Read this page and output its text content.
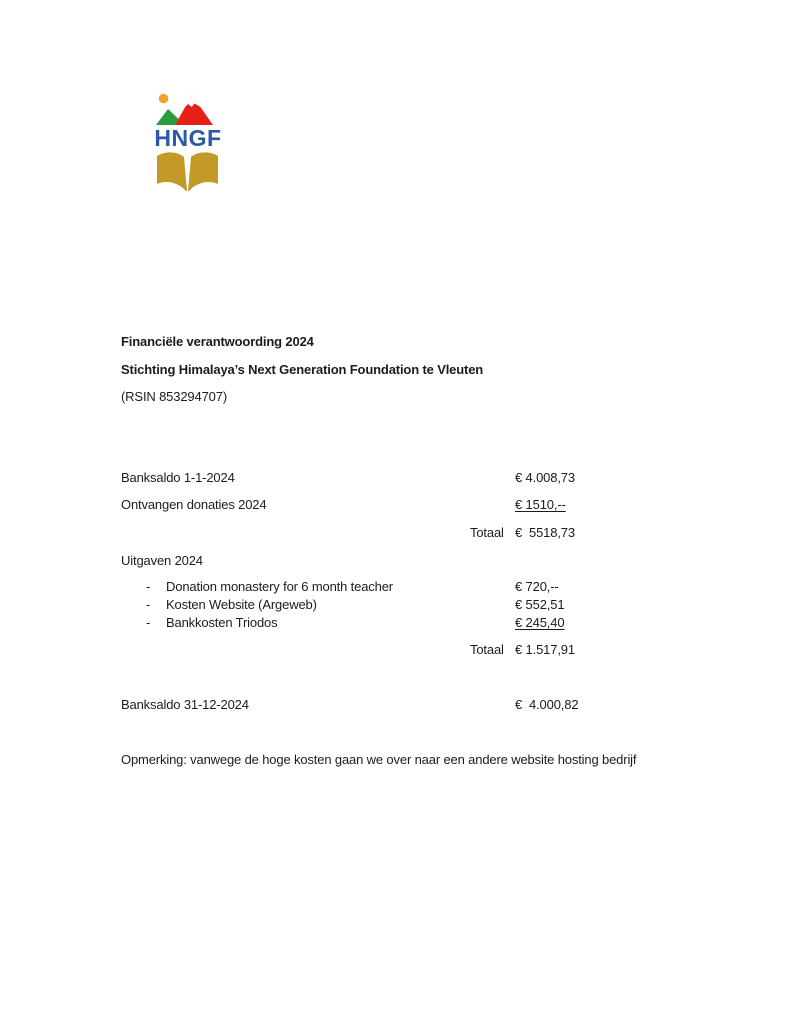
HNGF
Financiële verantwoording 2024
Stichting Himalaya’s Next Generation Foundation te Vleuten
(RSIN 853294707)
Banksaldo 1-1-2024	€ 4.008,73
Ontvangen donaties 2024	€ 1510,--
Totaal €  5518,73
Uitgaven 2024
- Donation monastery for 6 month teacher	€ 720,--
- Kosten Website (Argeweb)	€ 552,51
- Bankkosten Triodos	€ 245,40
Totaal € 1.517,91
Banksaldo 31-12-2024	€  4.000,82
Opmerking: vanwege de hoge kosten gaan we over naar een andere website hosting bedrijf
